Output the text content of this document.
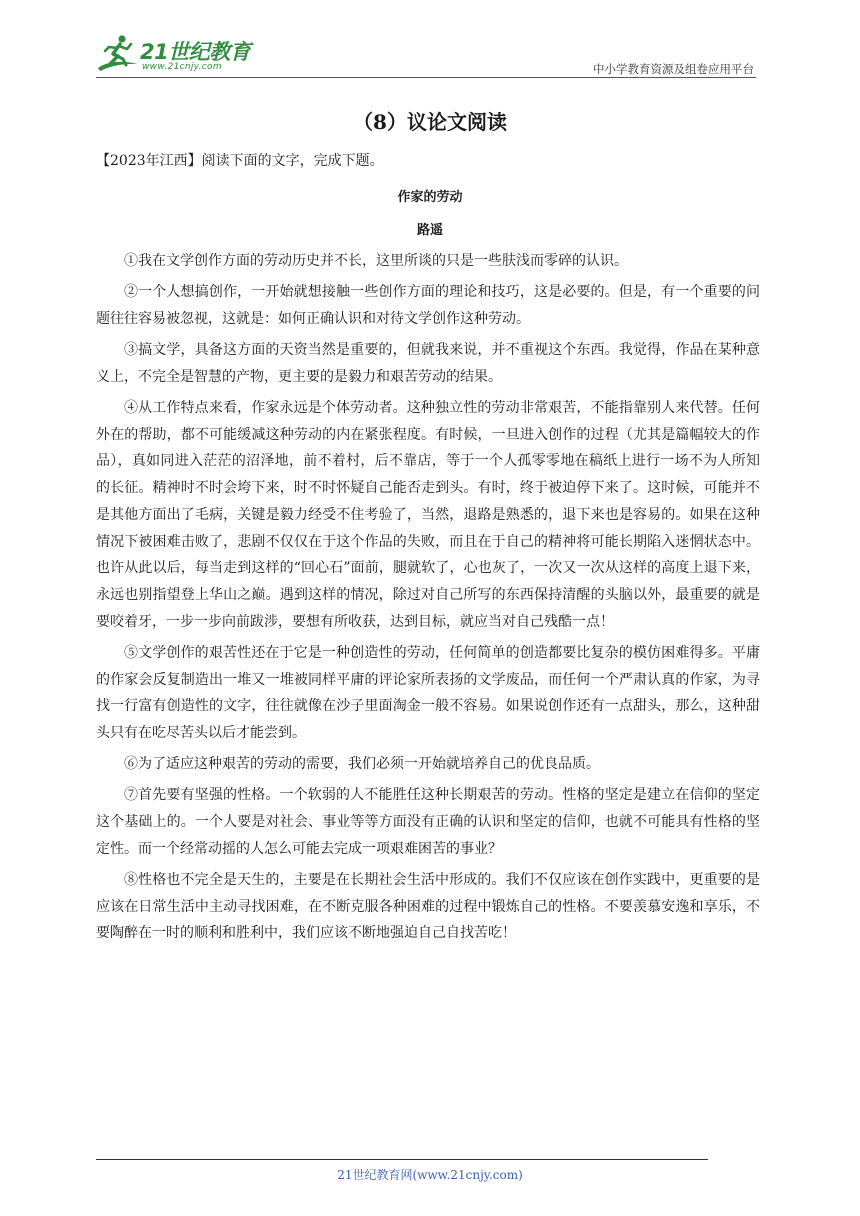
21世纪教育
www.21cnjy.com	中小学教育资源及组卷应用平台
（8）议论文阅读
【2023年江西】阅读下面的文字，完成下题。
作家的劳动
路遥

①我在文学创作方面的劳动历史并不长，这里所谈的只是一些肤浅而零碎的认识。

②一个人想搞创作，一开始就想接触一些创作方面的理论和技巧，这是必要的。但是，有一个重要的问题往往容易被忽视，这就是：如何正确认识和对待文学创作这种劳动。

③搞文学，具备这方面的天资当然是重要的，但就我来说，并不重视这个东西。我觉得，作品在某种意义上，不完全是智慧的产物，更主要的是毅力和艰苦劳动的结果。

④从工作特点来看，作家永远是个体劳动者。这种独立性的劳动非常艰苦，不能指靠别人来代替。任何外在的帮助，都不可能缓减这种劳动的内在紧张程度。有时候，一旦进入创作的过程（尤其是篇幅较大的作品），真如同进入茫茫的沼泽地，前不着村，后不靠店，等于一个人孤零零地在稿纸上进行一场不为人所知的长征。精神时不时会垮下来，时不时怀疑自己能否走到头。有时，终于被迫停下来了。这时候，可能并不是其他方面出了毛病，关键是毅力经受不住考验了，当然，退路是熟悉的，退下来也是容易的。如果在这种情况下被困难击败了，悲剧不仅仅在于这个作品的失败，而且在于自己的精神将可能长期陷入迷惘状态中。也许从此以后，每当走到这样的“回心石”面前，腿就软了，心也灰了，一次又一次从这样的高度上退下来，永远也别指望登上华山之巅。遇到这样的情况，除过对自己所写的东西保持清醒的头脑以外，最重要的就是要咬着牙，一步一步向前跋涉，要想有所收获，达到目标，就应当对自己残酷一点！

⑤文学创作的艰苦性还在于它是一种创造性的劳动，任何简单的创造都要比复杂的模仿困难得多。平庸的作家会反复制造出一堆又一堆被同样平庸的评论家所表扬的文学废品，而任何一个严肃认真的作家，为寻找一行富有创造性的文字，往往就像在沙子里面淘金一般不容易。如果说创作还有一点甜头，那么，这种甜头只有在吃尽苦头以后才能尝到。

⑥为了适应这种艰苦的劳动的需要，我们必须一开始就培养自己的优良品质。

⑦首先要有坚强的性格。一个软弱的人不能胜任这种长期艰苦的劳动。性格的坚定是建立在信仰的坚定这个基础上的。一个人要是对社会、事业等等方面没有正确的认识和坚定的信仰，也就不可能具有性格的坚定性。而一个经常动摇的人怎么可能去完成一项艰难困苦的事业？

⑧性格也不完全是天生的，主要是在长期社会生活中形成的。我们不仅应该在创作实践中，更重要的是应该在日常生活中主动寻找困难，在不断克服各种困难的过程中锻炼自己的性格。不要羡慕安逸和享乐，不要陶醉在一时的顺利和胜利中，我们应该不断地强迫自己自找苦吃！

21世纪教育网(www.21cnjy.com)
